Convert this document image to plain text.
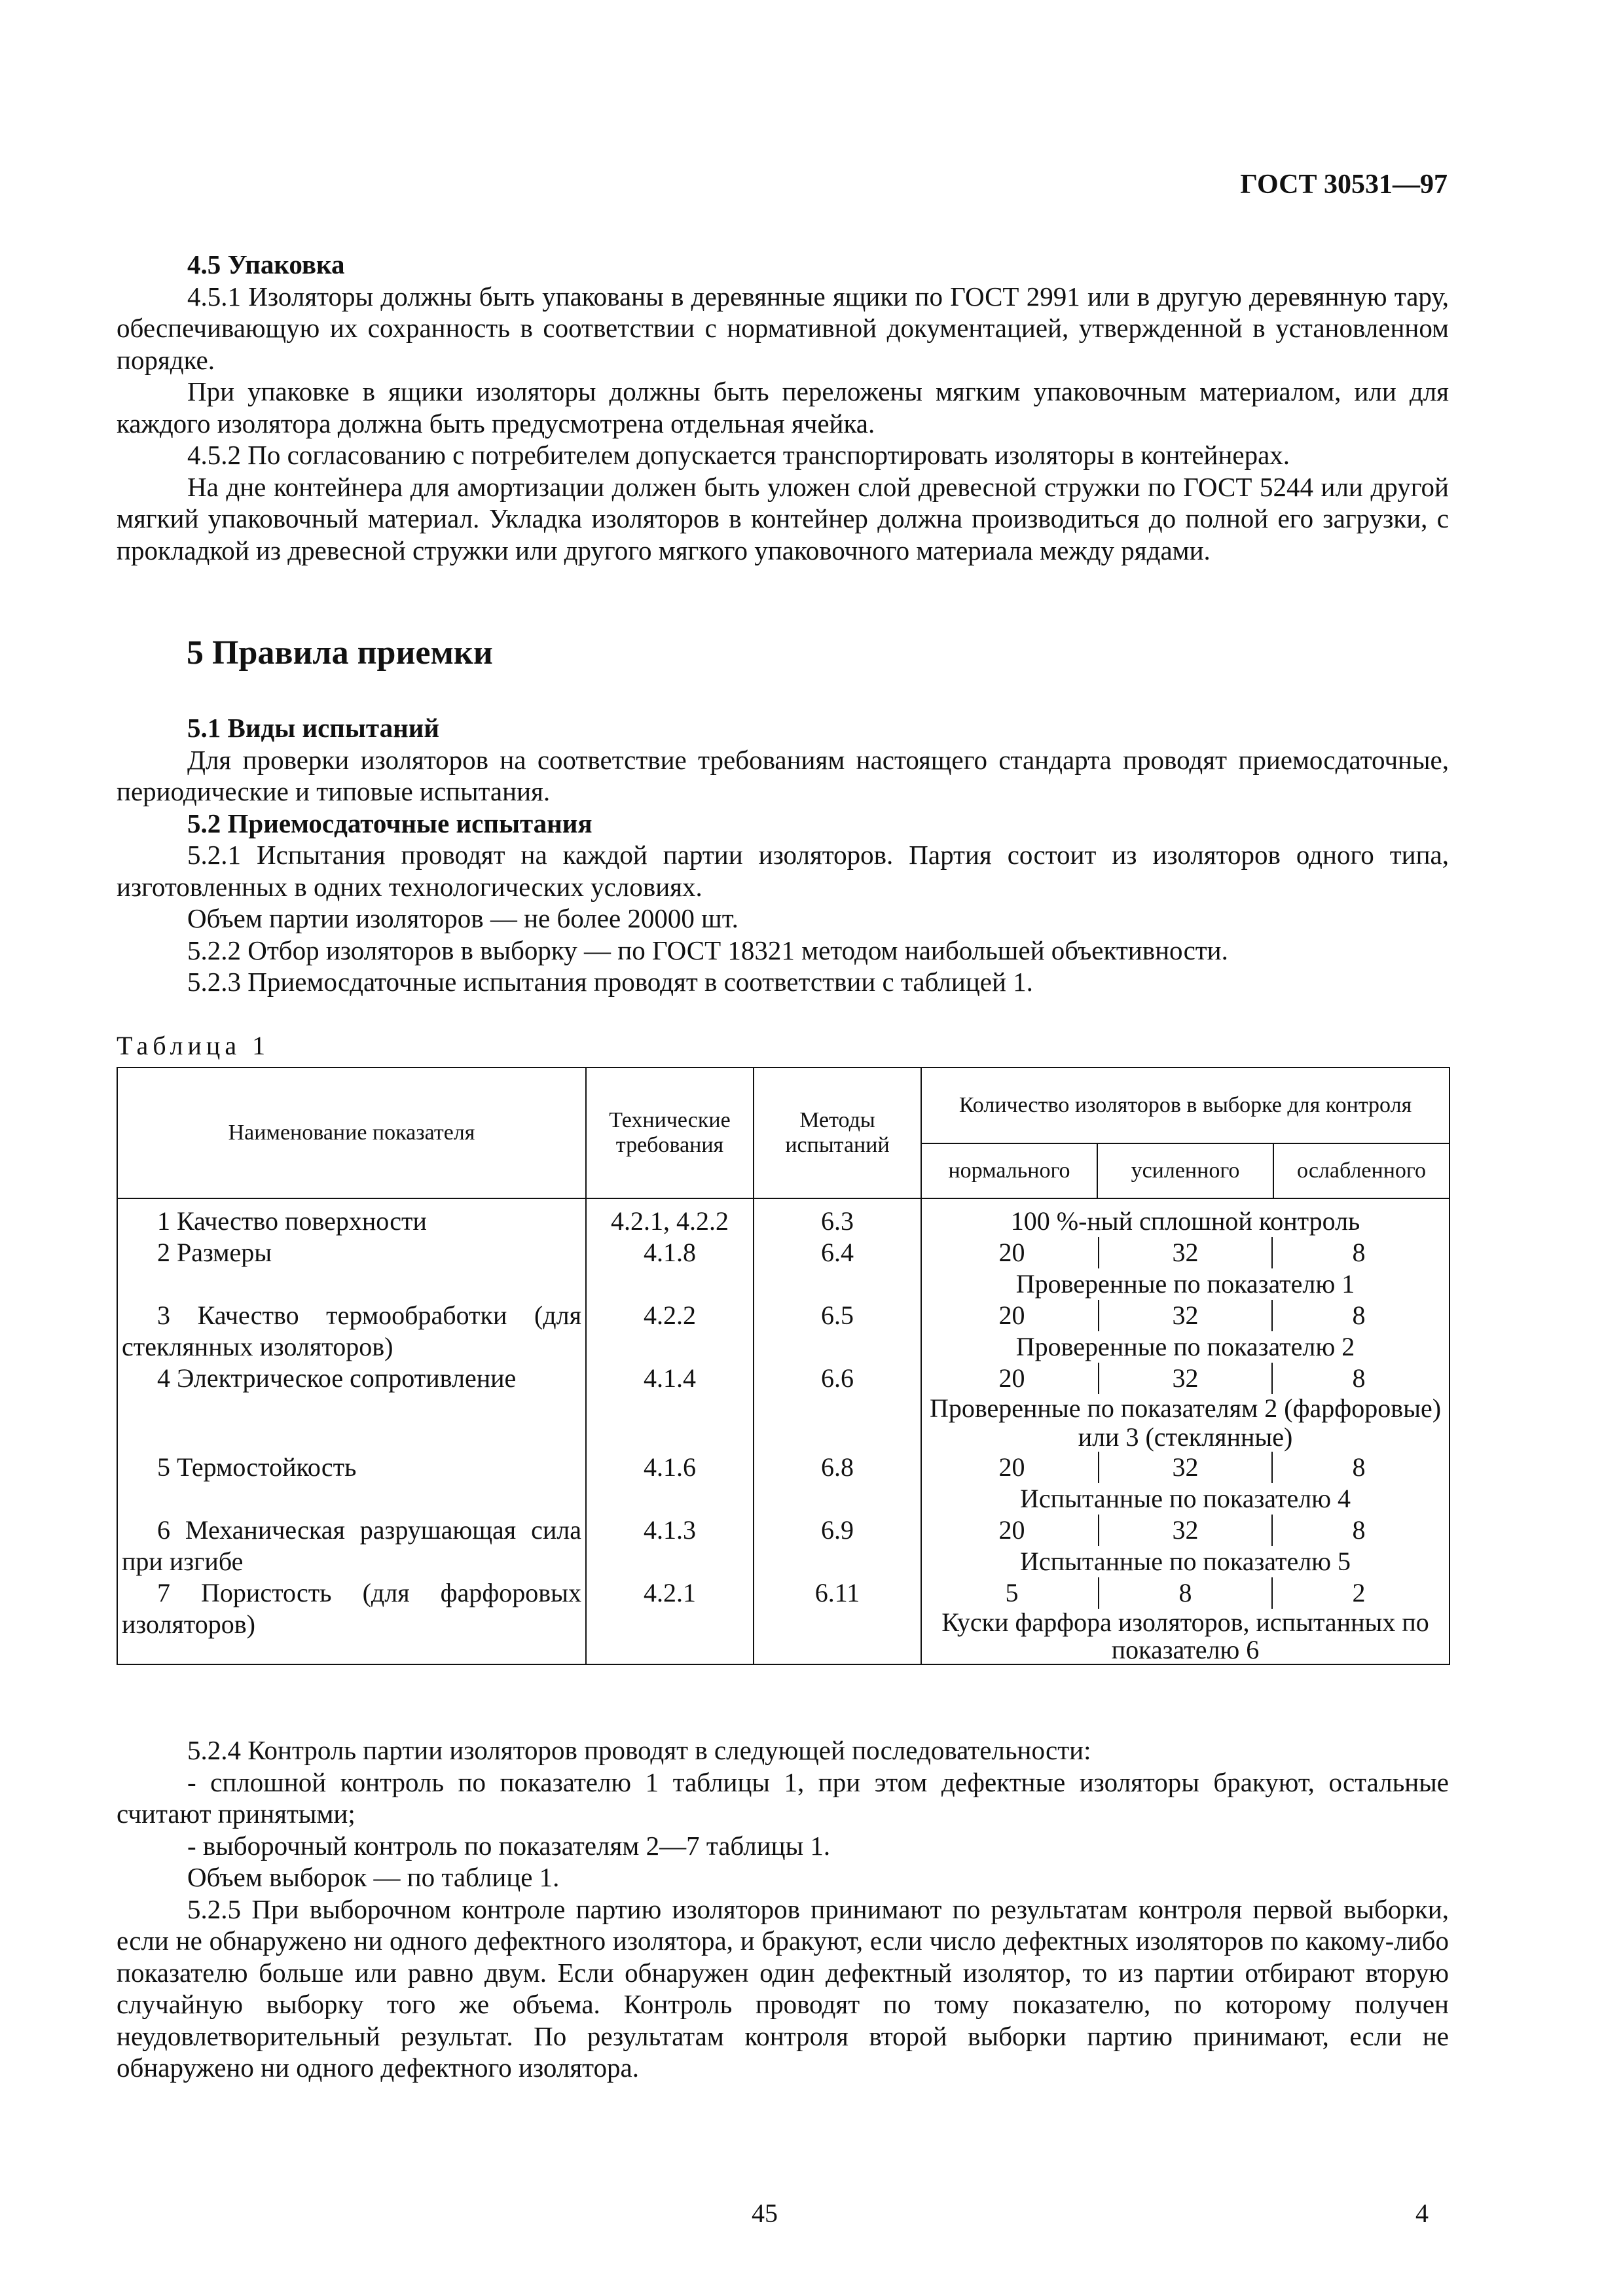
ГОСТ 30531—97

4.5 Упаковка

4.5.1 Изоляторы должны быть упакованы в деревянные ящики по ГОСТ 2991 или в другую деревянную тару, обеспечивающую их сохранность в соответствии с нормативной документацией, утвержденной в установленном порядке.

При упаковке в ящики изоляторы должны быть переложены мягким упаковочным материалом, или для каждого изолятора должна быть предусмотрена отдельная ячейка.

4.5.2 По согласованию с потребителем допускается транспортировать изоляторы в контейнерах.

На дне контейнера для амортизации должен быть уложен слой древесной стружки по ГОСТ 5244 или другой мягкий упаковочный материал. Укладка изоляторов в контейнер должна производиться до полной его загрузки, с прокладкой из древесной стружки или другого мягкого упаковочного материала между рядами.

5 Правила приемки

5.1 Виды испытаний

Для проверки изоляторов на соответствие требованиям настоящего стандарта проводят приемосдаточные, периодические и типовые испытания.

5.2 Приемосдаточные испытания

5.2.1 Испытания проводят на каждой партии изоляторов. Партия состоит из изоляторов одного типа, изготовленных в одних технологических условиях.

Объем партии изоляторов — не более 20000 шт.

5.2.2 Отбор изоляторов в выборку — по ГОСТ 18321 методом наибольшей объективности.

5.2.3 Приемосдаточные испытания проводят в соответствии с таблицей 1.

Таблица 1
Наименование показателя	Технические требования	Методы испытаний	Количество изоляторов в выборке для контроля		
			нормального	усиленного	ослабленного
1 Качество поверхности	4.2.1, 4.2.2	6.3	100 %-ный сплошной контроль		
2 Размеры	4.1.8	6.4	20 32 8
Проверенные по показателю 1		

3 Качество термообработки (для стеклянных изоляторов)	4.2.2	6.5	20 32 8
Проверенные по показателю 2		

4 Электрическое сопротивление	4.1.4	6.6	20 32 8
Проверенные по показателям 2 (фарфоровые) или 3 (стеклянные)		

5 Термостойкость	4.1.6	6.8	20 32 8
Испытанные по показателю 4		

6 Механическая разрушающая сила при изгибе	4.1.3	6.9	20 32 8
Испытанные по показателю 5		

7 Пористость (для фарфоровых изоляторов)	4.2.1	6.11	5 8 2
Куски фарфора изоляторов, испытанных по показателю 6		

5.2.4 Контроль партии изоляторов проводят в следующей последовательности:

- сплошной контроль по показателю 1 таблицы 1, при этом дефектные изоляторы бракуют, остальные считают принятыми;

- выборочный контроль по показателям 2—7 таблицы 1.

Объем выборок — по таблице 1.

5.2.5 При выборочном контроле партию изоляторов принимают по результатам контроля первой выборки, если не обнаружено ни одного дефектного изолятора, и бракуют, если число дефектных изоляторов по какому-либо показателю больше или равно двум. Если обнаружен один дефектный изолятор, то из партии отбирают вторую случайную выборку того же объема. Контроль проводят по тому показателю, по которому получен неудовлетворительный результат. По результатам контроля второй выборки партию принимают, если не обнаружено ни одного дефектного изолятора.

45	4
